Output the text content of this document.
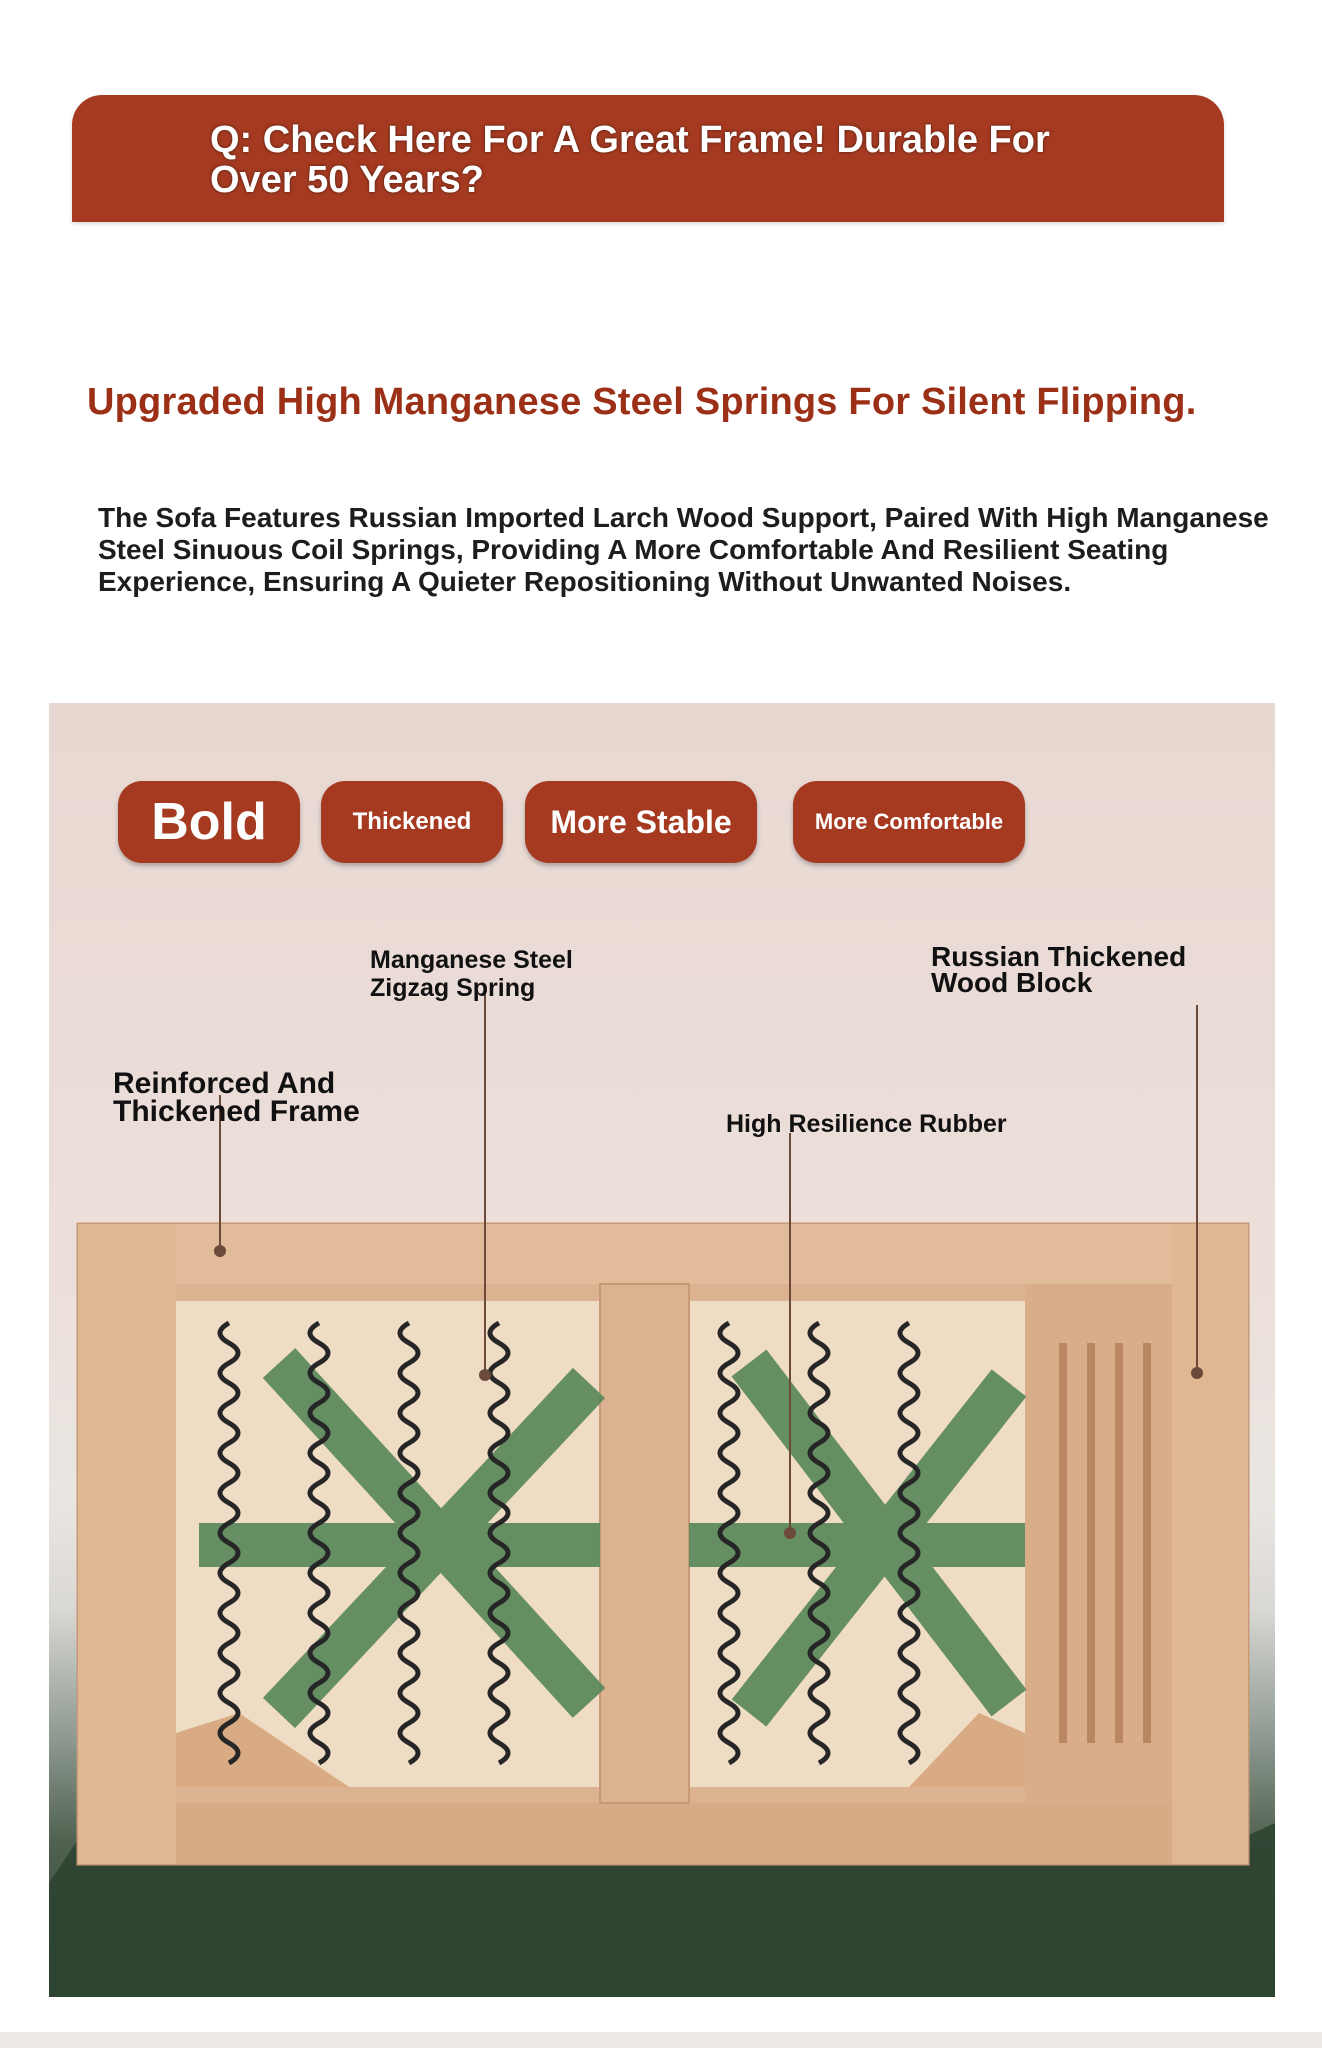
Q: Check Here For A Great Frame! Durable For Over 50 Years?
Upgraded High Manganese Steel Springs For Silent Flipping.
The Sofa Features Russian Imported Larch Wood Support, Paired With High Manganese Steel Sinuous Coil Springs, Providing A More Comfortable And Resilient Seating Experience, Ensuring A Quieter Repositioning Without Unwanted Noises.
Bold	Thickened	More Stable	More Comfortable
Manganese Steel Zigzag Spring
Russian Thickened Wood Block
Reinforced And Thickened Frame	High Resilience Rubber
